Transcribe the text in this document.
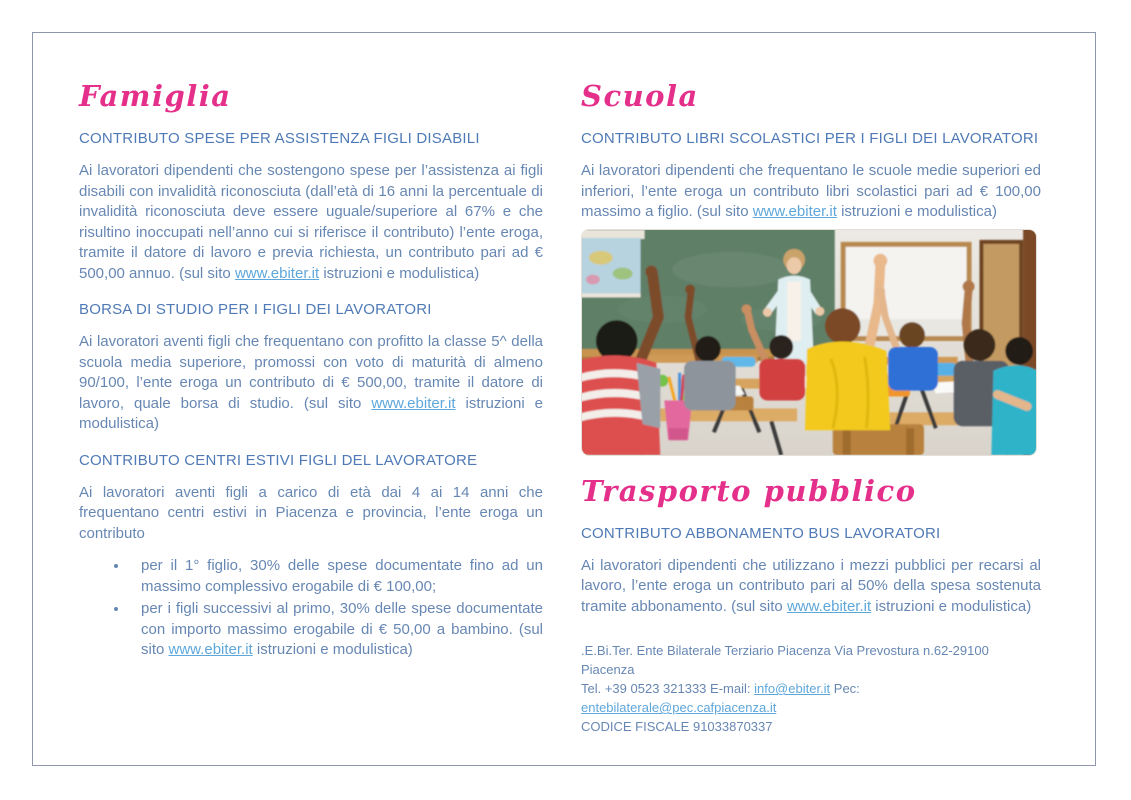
Famiglia
CONTRIBUTO SPESE PER ASSISTENZA FIGLI DISABILI

Ai lavoratori dipendenti che sostengono spese per l’assistenza ai figli disabili con invalidità riconosciuta (dall’età di 16 anni la percentuale di invalidità riconosciuta deve essere uguale/superiore al 67% e che risultino inoccupati nell’anno cui si riferisce il contributo) l’ente eroga, tramite il datore di lavoro e previa richiesta, un contributo pari ad € 500,00 annuo. (sul sito www.ebiter.it istruzioni e modulistica)

BORSA DI STUDIO PER I FIGLI DEI LAVORATORI

Ai lavoratori aventi figli che frequentano con profitto la classe 5^ della scuola media superiore, promossi con voto di maturità di almeno 90/100, l’ente eroga un contributo di € 500,00, tramite il datore di lavoro, quale borsa di studio. (sul sito www.ebiter.it istruzioni e modulistica)

CONTRIBUTO CENTRI ESTIVI FIGLI DEL LAVORATORE

Ai lavoratori aventi figli a carico di età dai 4 ai 14 anni che frequentano centri estivi in Piacenza e provincia, l’ente eroga un contributo

• per il 1° figlio, 30% delle spese documentate fino ad un massimo complessivo erogabile di € 100,00;
• per i figli successivi al primo, 30% delle spese documentate con importo massimo erogabile di € 50,00 a bambino. (sul sito www.ebiter.it istruzioni e modulistica)
Scuola
CONTRIBUTO LIBRI SCOLASTICI PER I FIGLI DEI LAVORATORI

Ai lavoratori dipendenti che frequentano le scuole medie superiori ed inferiori, l’ente eroga un contributo libri scolastici pari ad € 100,00 massimo a figlio. (sul sito www.ebiter.it istruzioni e modulistica)

Trasporto pubblico
CONTRIBUTO ABBONAMENTO BUS LAVORATORI

Ai lavoratori dipendenti che utilizzano i mezzi pubblici per recarsi al lavoro, l’ente eroga un contributo pari al 50% della spesa sostenuta tramite abbonamento. (sul sito www.ebiter.it istruzioni e modulistica)

.E.Bi.Ter. Ente Bilaterale Terziario Piacenza Via Prevostura n.62-29100 Piacenza
Tel. +39 0523 321333 E-mail: info@ebiter.it Pec: entebilaterale@pec.cafpiacenza.it
CODICE FISCALE 91033870337
